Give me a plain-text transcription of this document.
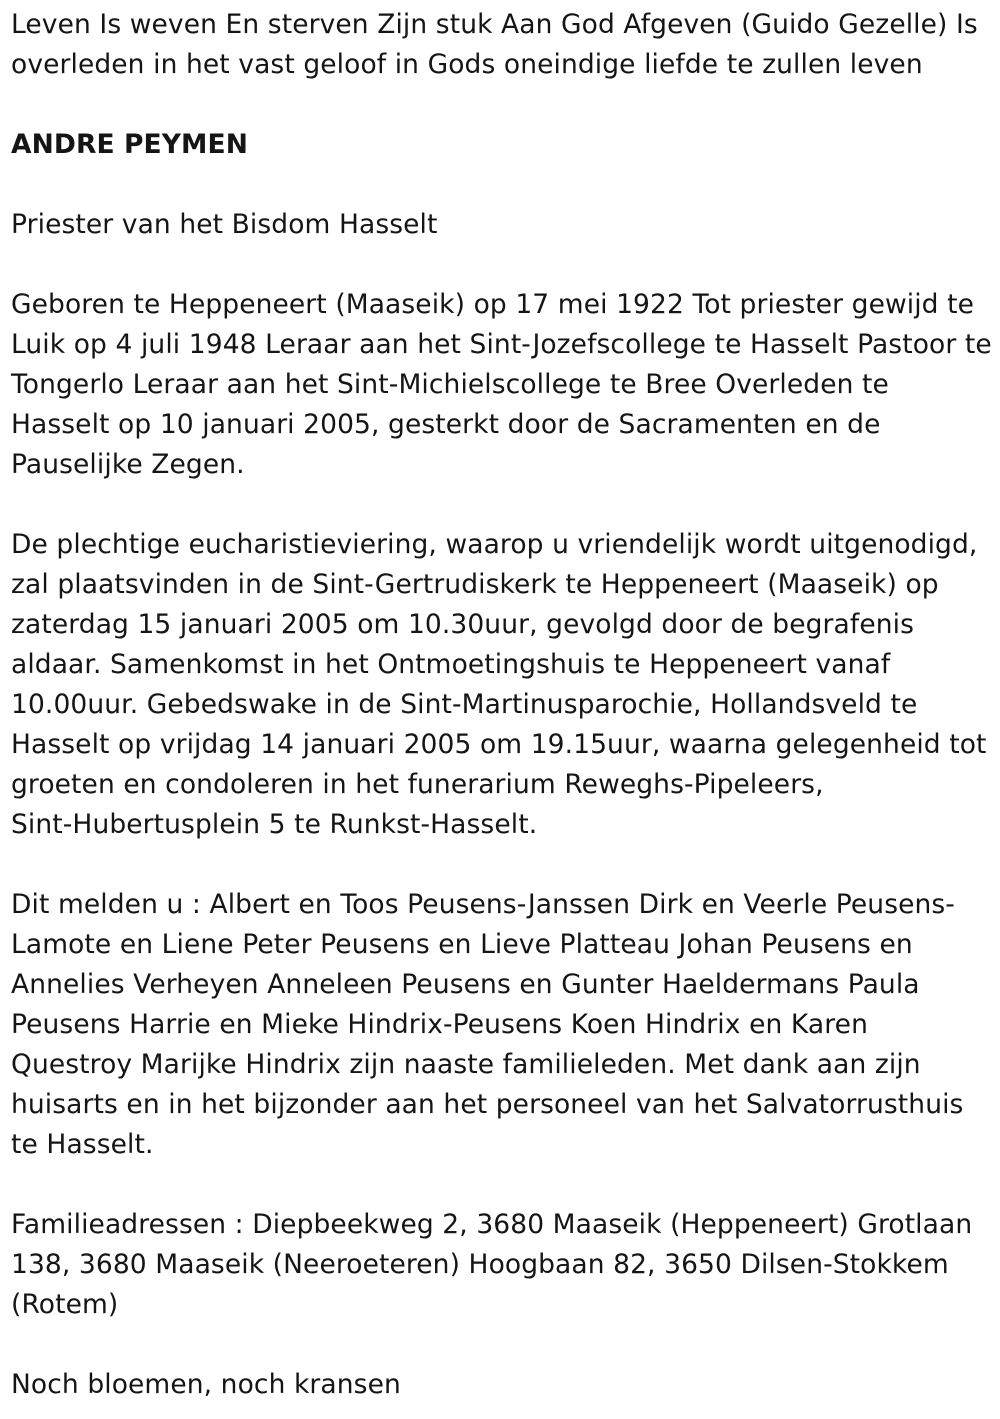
Leven Is weven En sterven Zijn stuk Aan God Afgeven (Guido Gezelle) Is
overleden in het vast geloof in Gods oneindige liefde te zullen leven

ANDRE PEYMEN

Priester van het Bisdom Hasselt

Geboren te Heppeneert (Maaseik) op 17 mei 1922 Tot priester gewijd te
Luik op 4 juli 1948 Leraar aan het Sint-Jozefscollege te Hasselt Pastoor te
Tongerlo Leraar aan het Sint-Michielscollege te Bree Overleden te
Hasselt op 10 januari 2005, gesterkt door de Sacramenten en de
Pauselijke Zegen.

De plechtige eucharistieviering, waarop u vriendelijk wordt uitgenodigd,
zal plaatsvinden in de Sint-Gertrudiskerk te Heppeneert (Maaseik) op
zaterdag 15 januari 2005 om 10.30uur, gevolgd door de begrafenis
aldaar. Samenkomst in het Ontmoetingshuis te Heppeneert vanaf
10.00uur. Gebedswake in de Sint-Martinusparochie, Hollandsveld te
Hasselt op vrijdag 14 januari 2005 om 19.15uur, waarna gelegenheid tot
groeten en condoleren in het funerarium Reweghs-Pipeleers,
Sint-Hubertusplein 5 te Runkst-Hasselt.

Dit melden u : Albert en Toos Peusens-Janssen Dirk en Veerle Peusens-
Lamote en Liene Peter Peusens en Lieve Platteau Johan Peusens en
Annelies Verheyen Anneleen Peusens en Gunter Haeldermans Paula
Peusens Harrie en Mieke Hindrix-Peusens Koen Hindrix en Karen
Questroy Marijke Hindrix zijn naaste familieleden. Met dank aan zijn
huisarts en in het bijzonder aan het personeel van het Salvatorrusthuis
te Hasselt.

Familieadressen : Diepbeekweg 2, 3680 Maaseik (Heppeneert) Grotlaan
138, 3680 Maaseik (Neeroeteren) Hoogbaan 82, 3650 Dilsen-Stokkem
(Rotem)

Noch bloemen, noch kransen
